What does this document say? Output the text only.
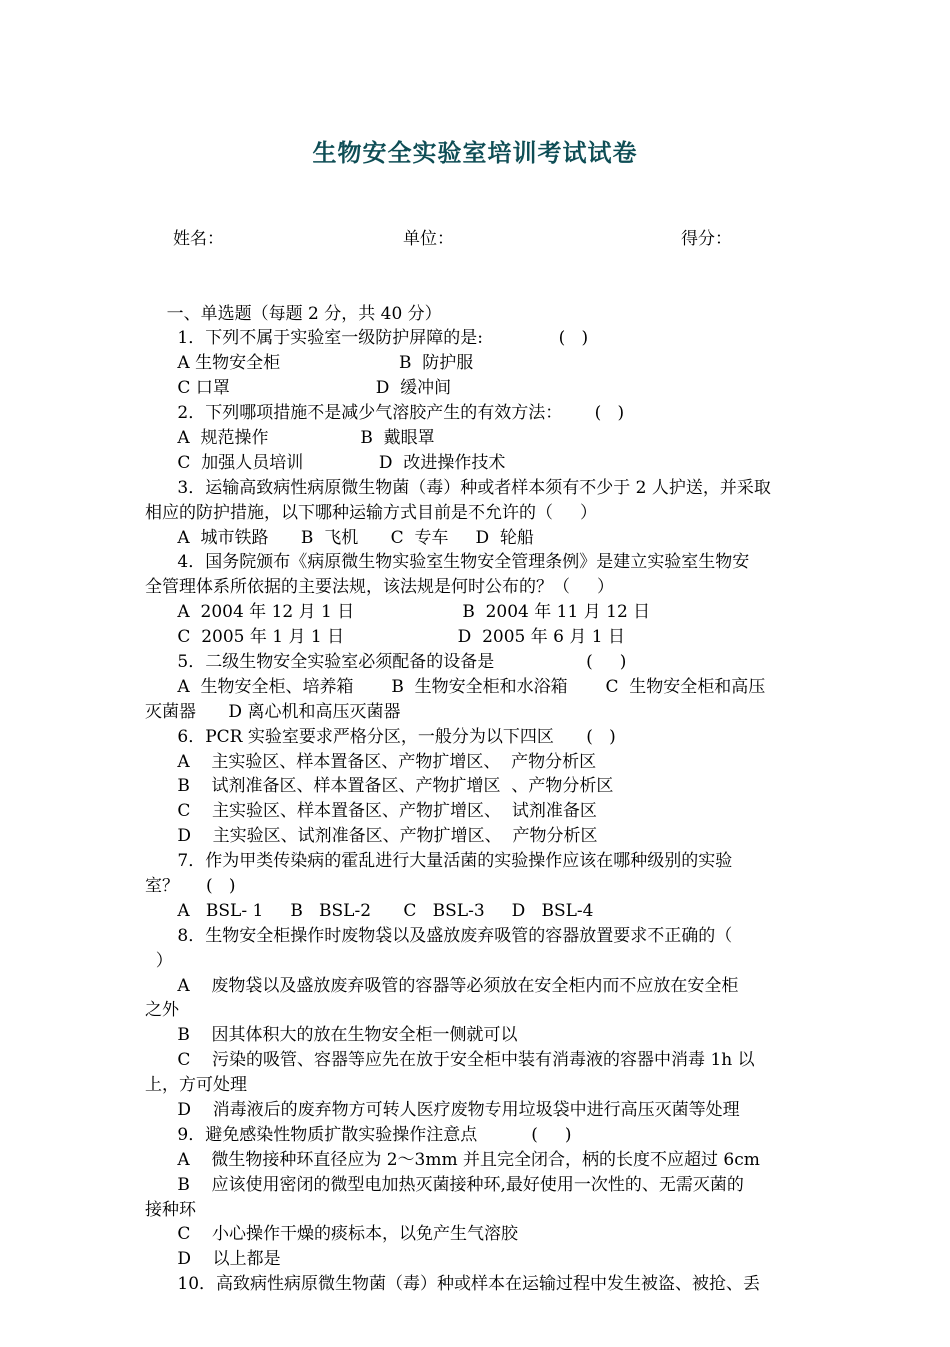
生物安全实验室培训考试试卷

姓名：

	单位：

	得分：

一、单选题（每题 2 分，共 40 分）
1．下列不属于实验室一级防护屏障的是:              (   )
A 生物安全柜                      B  防护服
C 口罩                           D  缓冲间
2．下列哪项措施不是减少气溶胶产生的有效方法：      (   )
A  规范操作                 B  戴眼罩
C  加强人员培训              D  改进操作技术
3．运输高致病性病原微生物菌（毒）种或者样本须有不少于 2 人护送，并采取
相应的防护措施，以下哪种运输方式目前是不允许的（     ）
A  城市铁路      B  飞机      C  专车     D  轮船
4．国务院颁布《病原微生物实验室生物安全管理条例》是建立实验室生物安
全管理体系所依据的主要法规，该法规是何时公布的？（     ）
A  2004 年 12 月 1 日                    B  2004 年 11 月 12 日
C  2005 年 1 月 1 日                     D  2005 年 6 月 1 日
5．二级生物安全实验室必须配备的设备是                 (     )
A  生物安全柜、培养箱       B  生物安全柜和水浴箱       C  生物安全柜和高压
灭菌器      D 离心机和高压灭菌器
6．PCR 实验室要求严格分区，一般分为以下四区      (   )
A    主实验区、样本置备区、产物扩增区、  产物分析区
B    试剂准备区、样本置备区、产物扩增区  、产物分析区
C    主实验区、样本置备区、产物扩增区、  试剂准备区
D    主实验区、试剂准备区、产物扩增区、  产物分析区
7．作为甲类传染病的霍乱进行大量活菌的实验操作应该在哪种级别的实验
室？     (   )
A   BSL- 1     B   BSL-2      C   BSL-3     D   BSL-4
8．生物安全柜操作时废物袋以及盛放废弃吸管的容器放置要求不正确的（
）
A    废物袋以及盛放废弃吸管的容器等必须放在安全柜内而不应放在安全柜
之外
B    因其体积大的放在生物安全柜一侧就可以
C    污染的吸管、容器等应先在放于安全柜中装有消毒液的容器中消毒 1h 以
上，方可处理
D    消毒液后的废弃物方可转人医疗废物专用垃圾袋中进行高压灭菌等处理
9．避免感染性物质扩散实验操作注意点          (     )
A    微生物接种环直径应为 2～3mm 并且完全闭合，柄的长度不应超过 6cm
B    应该使用密闭的微型电加热灭菌接种环,最好使用一次性的、无需灭菌的
接种环
C    小心操作干燥的痰标本，以免产生气溶胶
D    以上都是
10．高致病性病原微生物菌（毒）种或样本在运输过程中发生被盗、被抢、丢
